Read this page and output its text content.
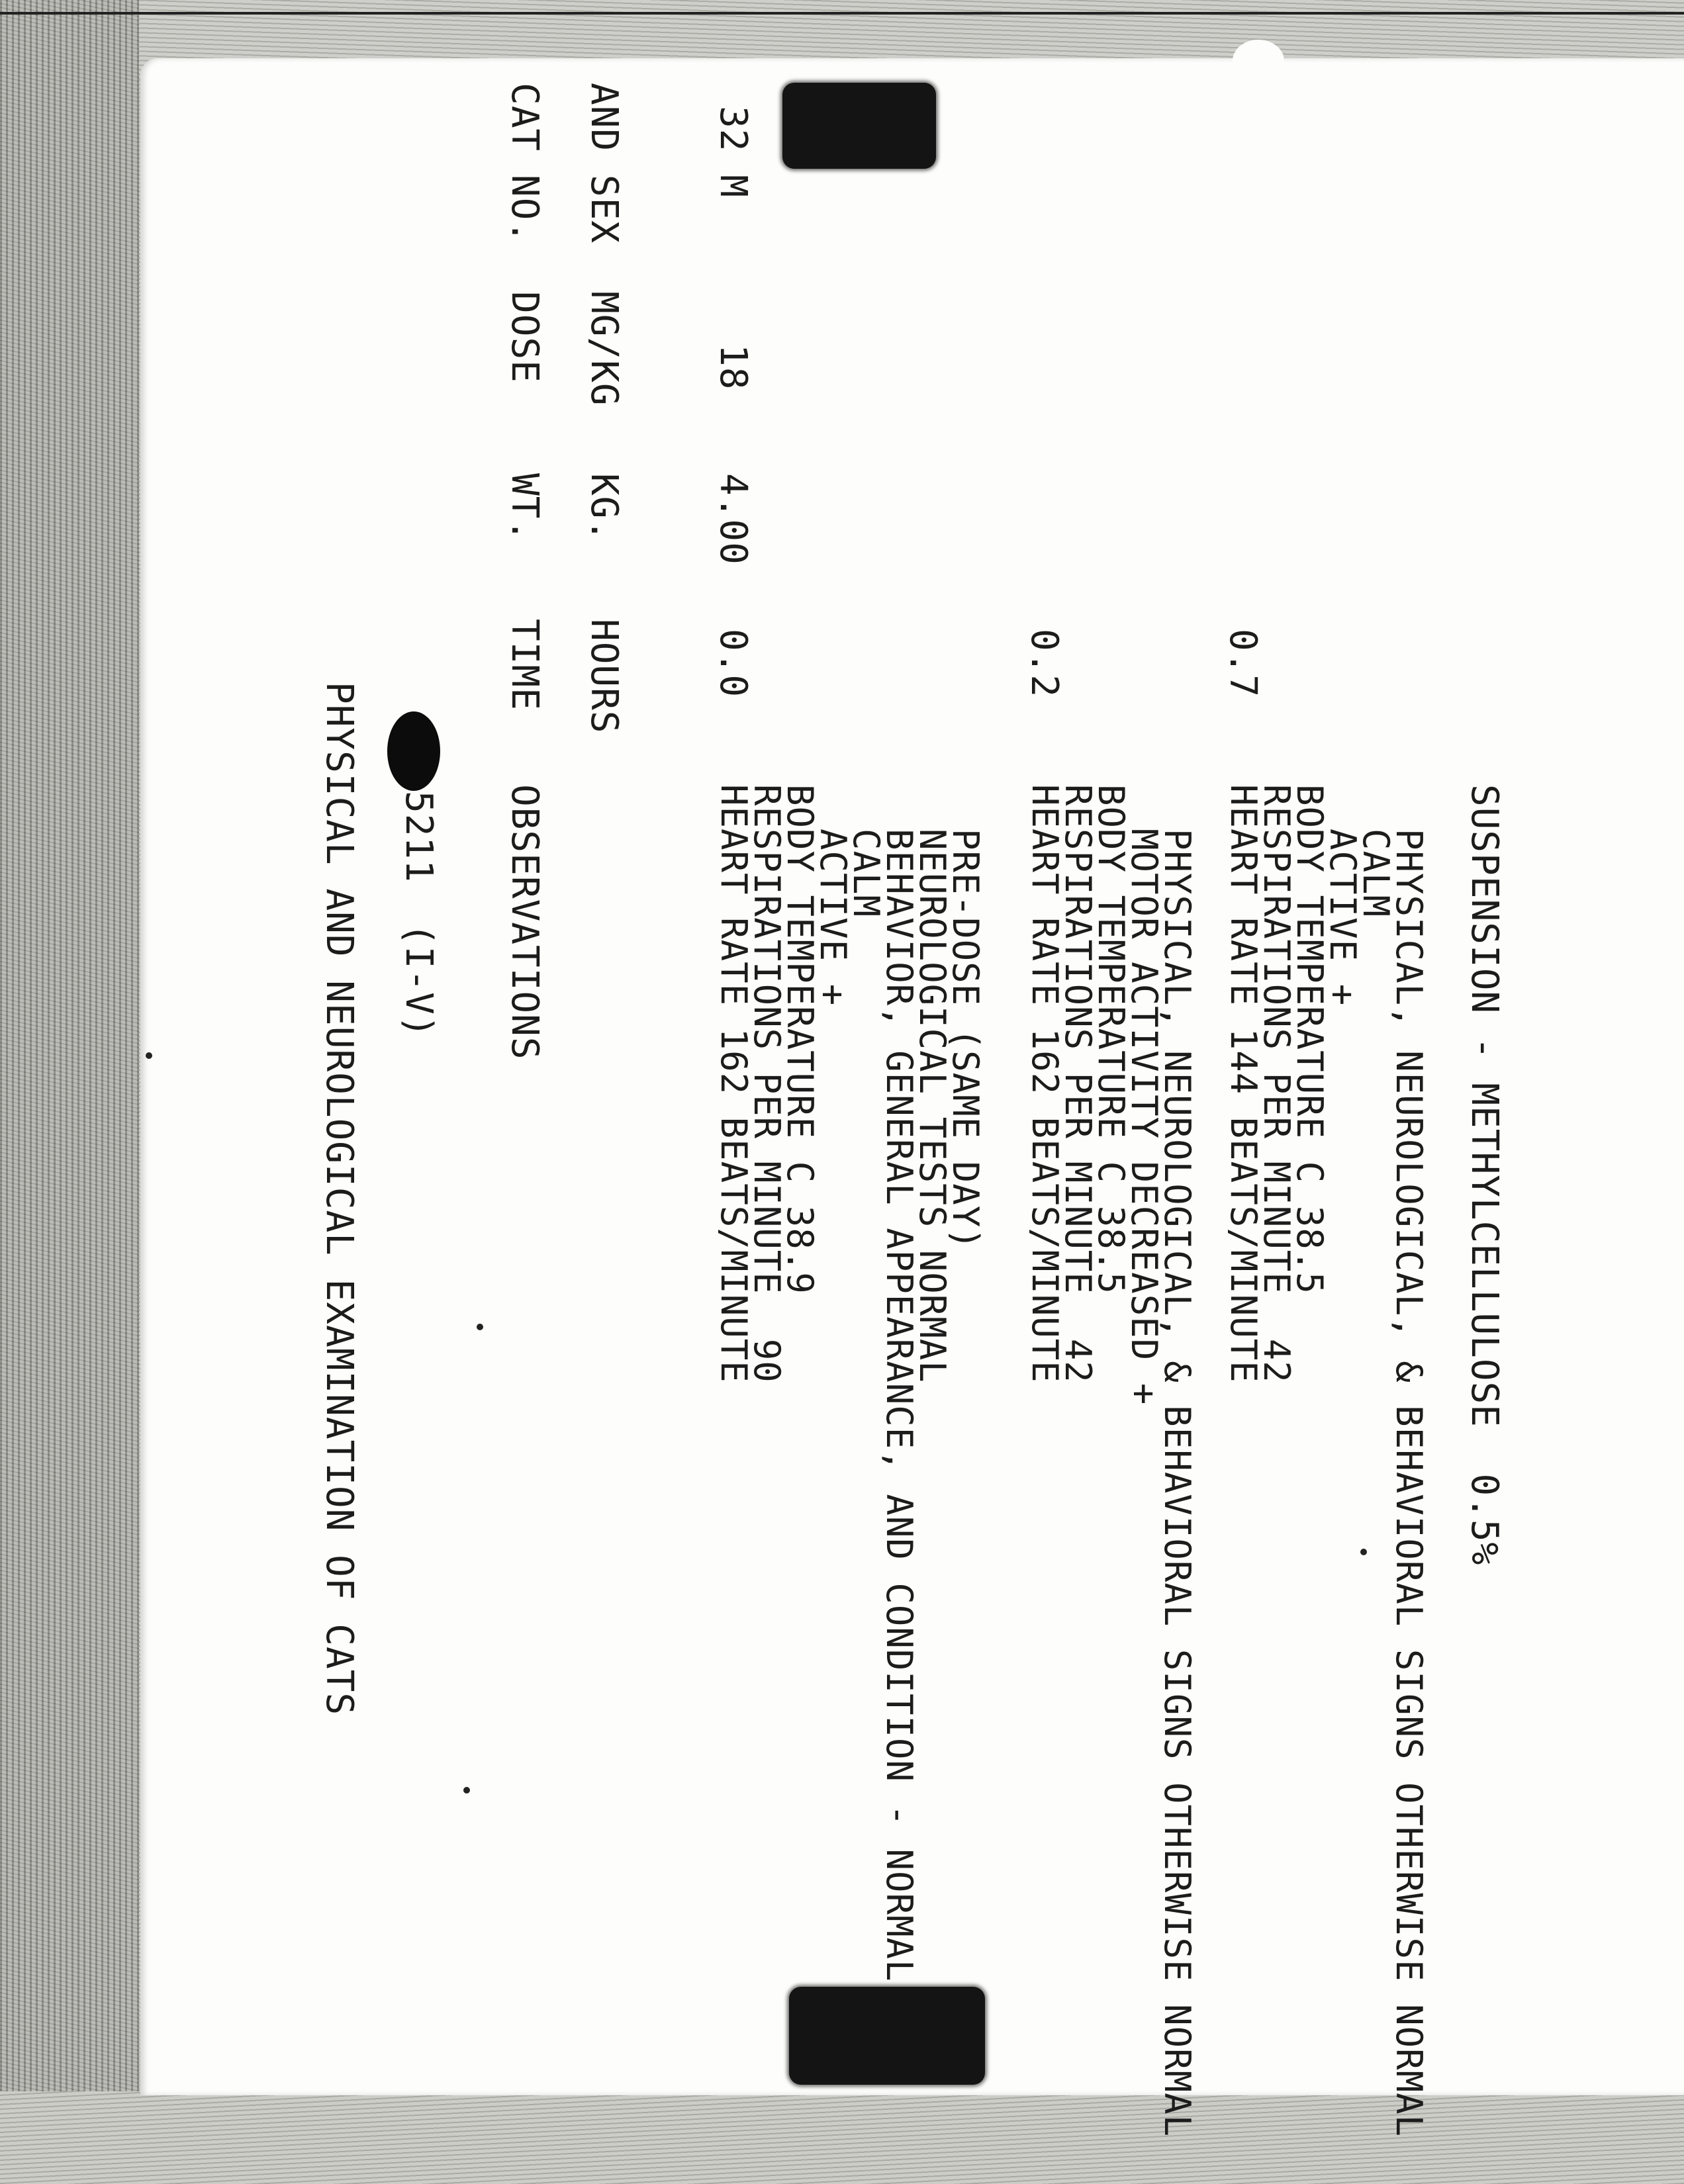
PHYSICAL AND NEUROLOGICAL EXAMINATION OF CATS 5211
(I-V)
CAT NO. AND SEX
DOSE MG/KG
WT. KG.
TIME HOURS
OBSERVATIONS
32 M
18
4.00
0.0
HEART RATE 162 BEATS/MINUTE
RESPIRATIONS PER MINUTE  90
BODY TEMPERATURE C 38.9
ACTIVE +
CALM
BEHAVIOR, GENERAL APPEARANCE, AND CONDITION - NORMAL
NEUROLOGICAL TESTS NORMAL
PRE-DOSE (SAME DAY)
0.2
HEART RATE 162 BEATS/MINUTE
RESPIRATIONS PER MINUTE  42
BODY TEMPERATURE C 38.5
MOTOR ACTIVITY DECREASED +
PHYSICAL, NEUROLOGICAL, & BEHAVIORAL SIGNS OTHERWISE NORMAL
0.7
HEART RATE 144 BEATS/MINUTE
RESPIRATIONS PER MINUTE  42
BODY TEMPERATURE C 38.5
ACTIVE +
CALM
PHYSICAL, NEUROLOGICAL, & BEHAVIORAL SIGNS OTHERWISE NORMAL SUSPENSION - METHYLCELLULOSE  0.5%
